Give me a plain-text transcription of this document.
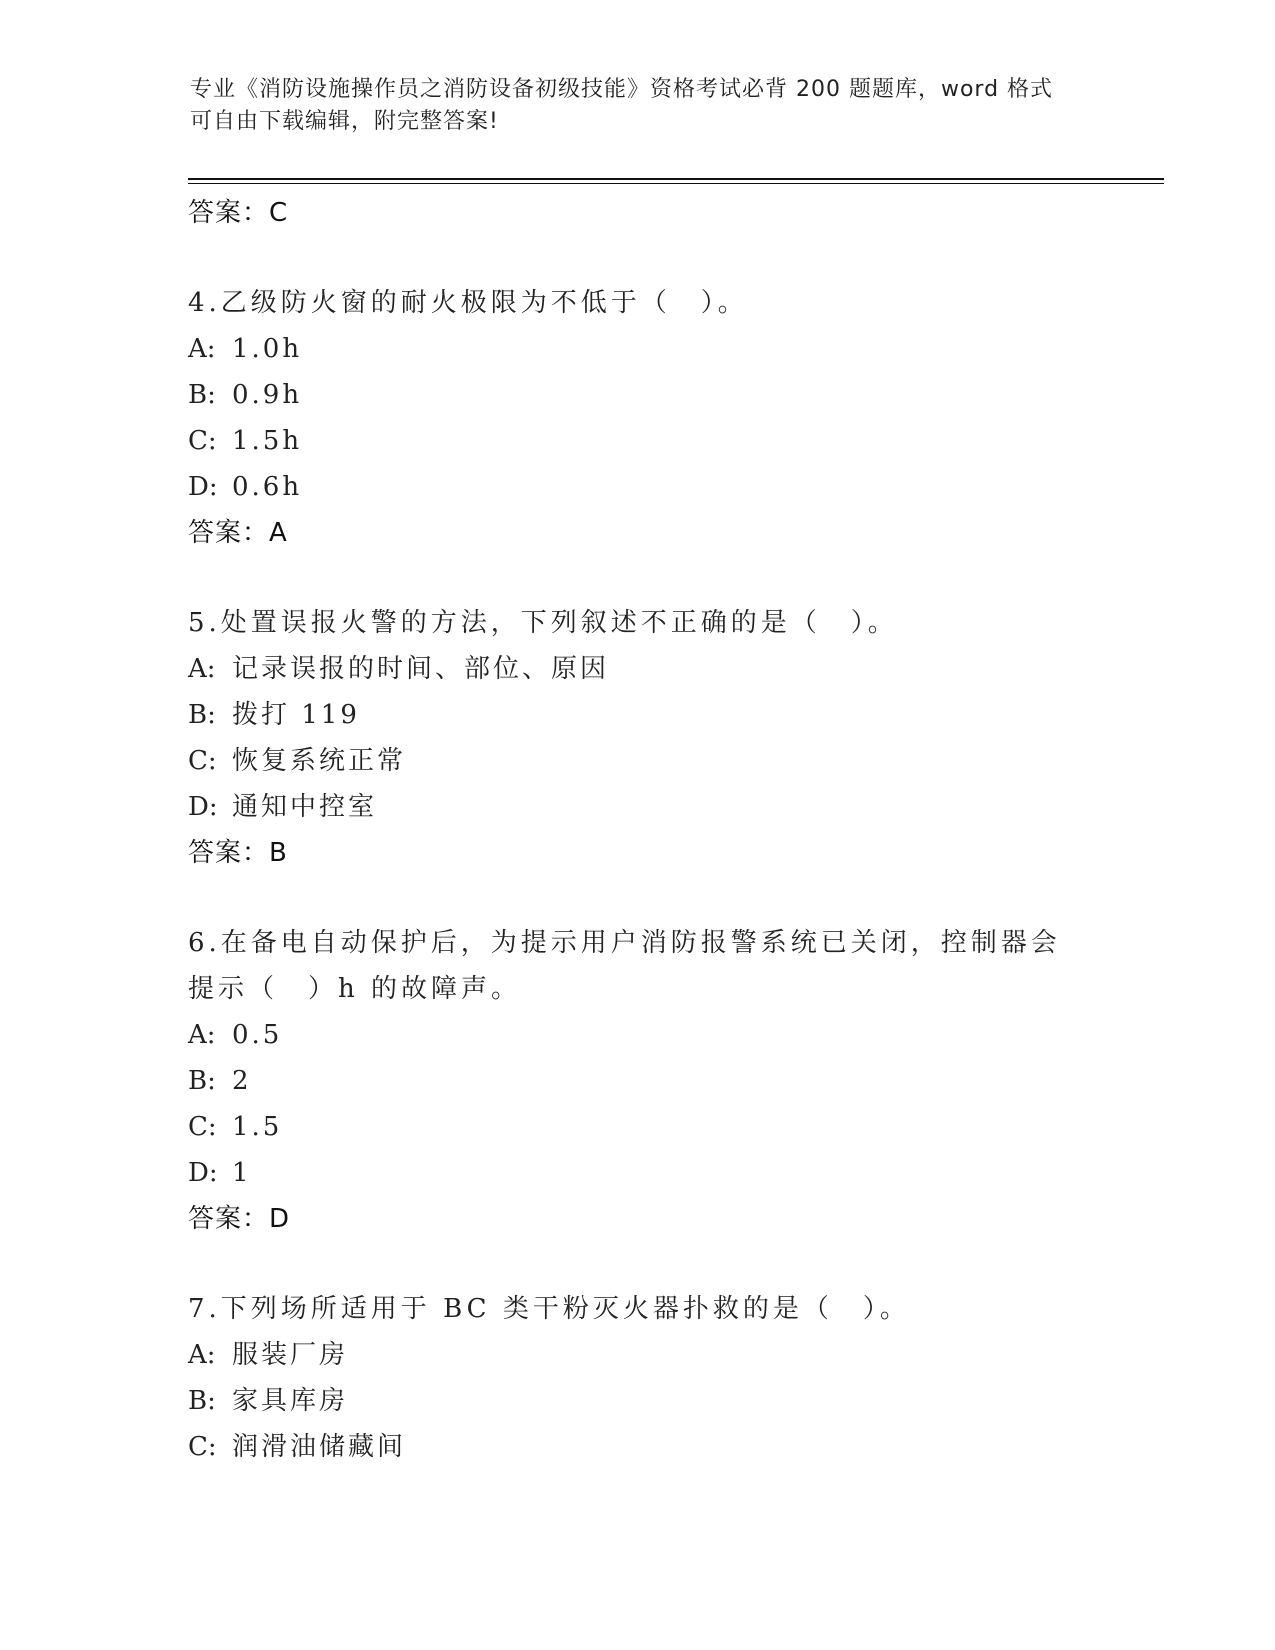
专业《消防设施操作员之消防设备初级技能》资格考试必背 200 题题库，word 格式可自由下载编辑，附完整答案!
答案：C
4.乙级防火窗的耐火极限为不低于（　）。
A: 1.0h
B: 0.9h
C: 1.5h
D: 0.6h
答案：A
5.处置误报火警的方法，下列叙述不正确的是（　）。
A: 记录误报的时间、部位、原因
B: 拨打 119
C: 恢复系统正常
D: 通知中控室
答案：B
6.在备电自动保护后，为提示用户消防报警系统已关闭，控制器会提示（　）h 的故障声。
A: 0.5
B: 2
C: 1.5
D: 1
答案：D
7.下列场所适用于 BC 类干粉灭火器扑救的是（　）。
A: 服装厂房
B: 家具库房
C: 润滑油储藏间
